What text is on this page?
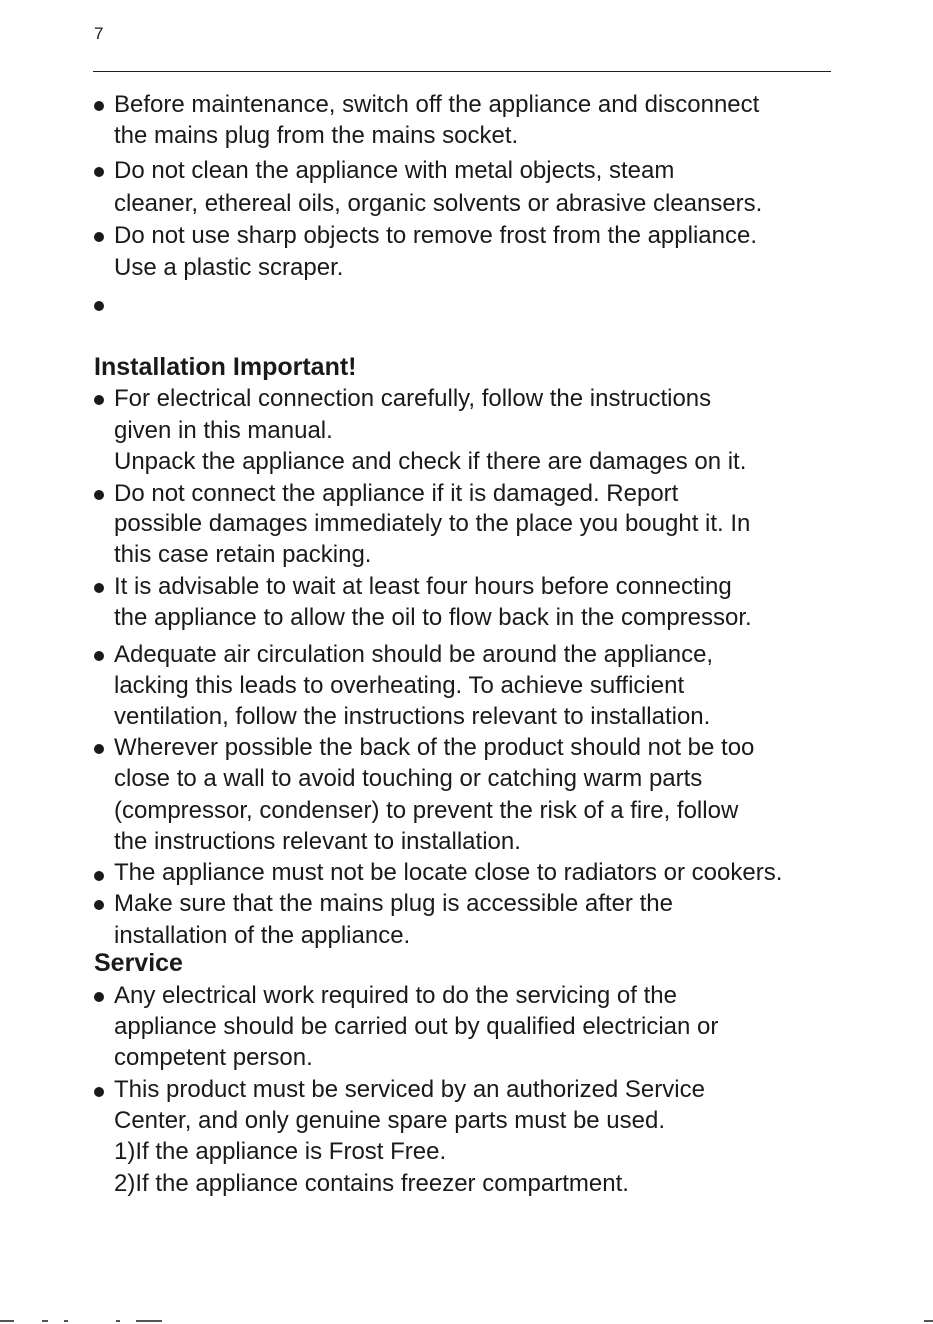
7
Before maintenance, switch off the appliance and disconnect
the mains plug from the mains socket.
Do not clean the appliance with metal objects, steam
cleaner, ethereal oils, organic solvents or abrasive cleansers.
Do not use sharp objects to remove frost from the appliance.
Use a plastic scraper.
Installation Important!
For electrical connection carefully, follow the instructions
given in this manual.
Unpack the appliance and check if there are damages on it.
Do not connect the appliance if it is damaged. Report
possible damages immediately to the place you bought it. In
this case retain packing.
It is advisable to wait at least four hours before connecting
the appliance to allow the oil to flow back in the compressor.
Adequate air circulation should be around the appliance,
lacking this leads to overheating. To achieve sufficient
ventilation, follow the instructions relevant to installation.
Wherever possible the back of the product should not be too
close to a wall to avoid touching or catching warm parts
(compressor, condenser) to prevent the risk of a fire, follow
the instructions relevant to installation.
The appliance must not be locate close to radiators or cookers.
Make sure that the mains plug is accessible after the
installation of the appliance.
Service
Any electrical work required to do the servicing of the
appliance should be carried out by qualified electrician or
competent person.
This product must be serviced by an authorized Service
Center, and only genuine spare parts must be used.
1)If the appliance is Frost Free.
2)If the appliance contains freezer compartment.
